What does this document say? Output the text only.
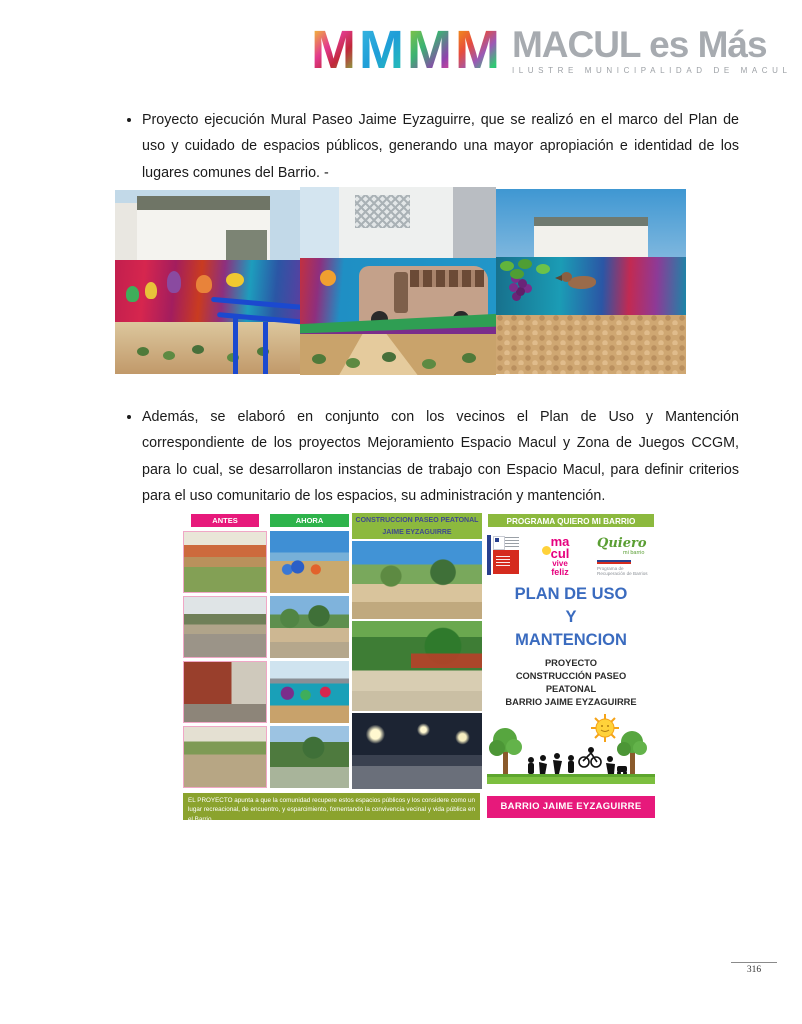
M M M M MACUL es Más
ILUSTRE MUNICIPALIDAD DE MACUL
• Proyecto ejecución Mural Paseo Jaime Eyzaguirre, que se realizó en el marco del Plan de uso y cuidado de espacios públicos, generando una mayor apropiación e identidad de los lugares comunes del Barrio. -
• Además, se elaboró en conjunto con los vecinos el Plan de Uso y Mantención correspondiente de los proyectos Mejoramiento Espacio Macul y Zona de Juegos CCGM, para lo cual, se desarrollaron instancias de trabajo con Espacio Macul, para definir criterios para el uso comunitario de los espacios, su administración y mantención.
ANTES	AHORA	CONSTRUCCION PASEO PEATONAL
JAIME EYZAGUIRRE
PROGRAMA QUIERO MI BARRIO
ma
cul
vive
feliz
Quiero
mi barrio
Programa de
Recuperación de Barrios
PLAN DE USO
Y
MANTENCION
PROYECTO
CONSTRUCCIÓN PASEO
PEATONAL
BARRIO JAIME EYZAGUIRRE
BARRIO JAIME EYZAGUIRRE
EL PROYECTO apunta a que la comunidad recupere estos espacios públicos y los considere como un lugar recreacional, de encuentro, y esparcimiento, fomentando la convivencia vecinal y vida pública en el Barrio.
316
